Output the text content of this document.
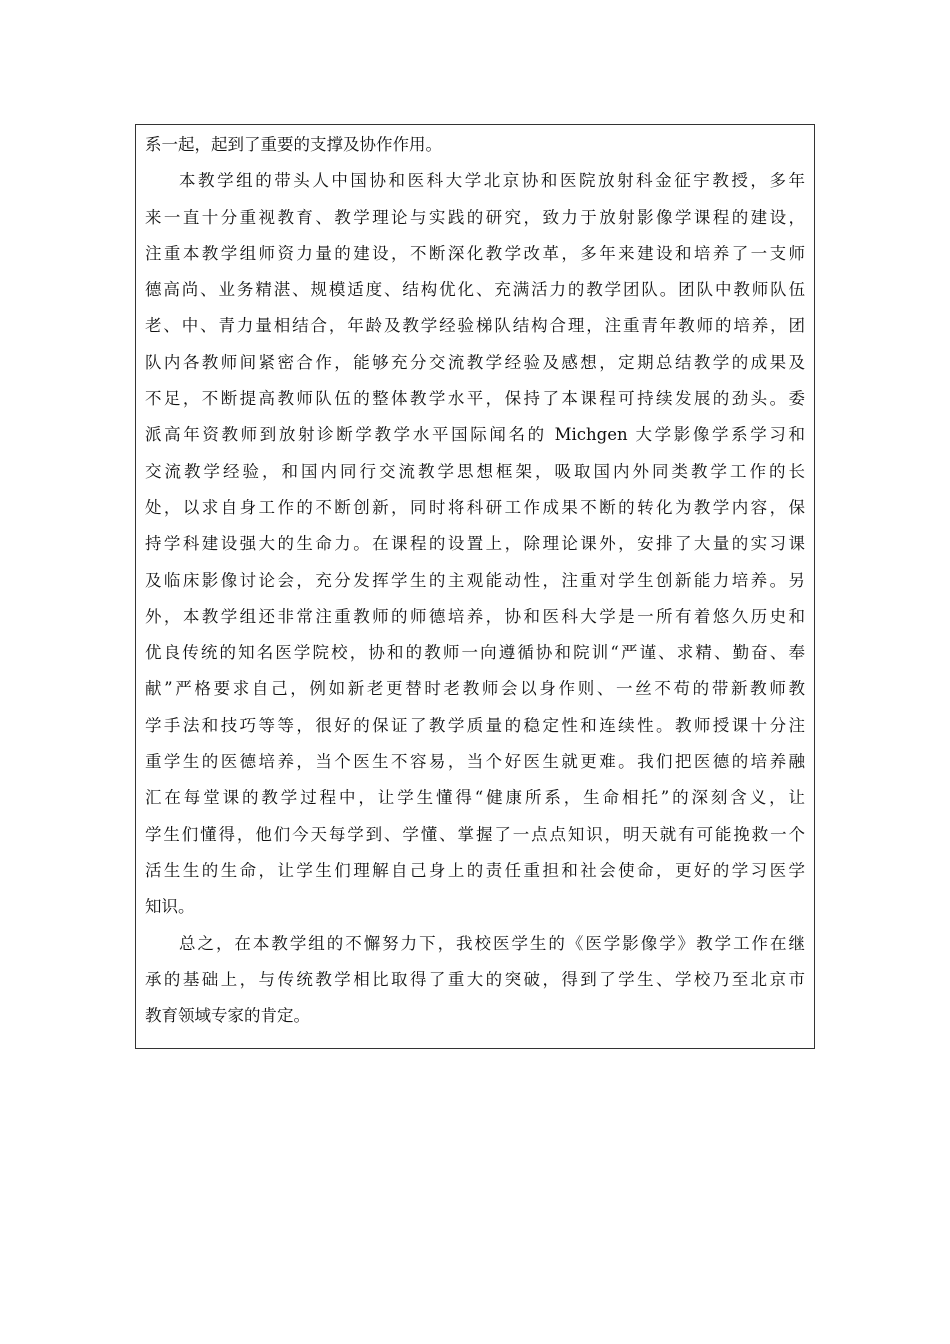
系一起，起到了重要的支撑及协作作用。
本教学组的带头人中国协和医科大学北京协和医院放射科金征宇教授，多年
来一直十分重视教育、教学理论与实践的研究，致力于放射影像学课程的建设，
注重本教学组师资力量的建设，不断深化教学改革，多年来建设和培养了一支师
德高尚、业务精湛、规模适度、结构优化、充满活力的教学团队。团队中教师队伍
老、中、青力量相结合，年龄及教学经验梯队结构合理，注重青年教师的培养，团
队内各教师间紧密合作，能够充分交流教学经验及感想，定期总结教学的成果及
不足，不断提高教师队伍的整体教学水平，保持了本课程可持续发展的劲头。委
派高年资教师到放射诊断学教学水平国际闻名的 Michgen 大学影像学系学习和
交流教学经验，和国内同行交流教学思想框架，吸取国内外同类教学工作的长
处，以求自身工作的不断创新，同时将科研工作成果不断的转化为教学内容，保
持学科建设强大的生命力。在课程的设置上，除理论课外，安排了大量的实习课
及临床影像讨论会，充分发挥学生的主观能动性，注重对学生创新能力培养。另
外，本教学组还非常注重教师的师德培养，协和医科大学是一所有着悠久历史和
优良传统的知名医学院校，协和的教师一向遵循协和院训“严谨、求精、勤奋、奉
献”严格要求自己，例如新老更替时老教师会以身作则、一丝不苟的带新教师教
学手法和技巧等等，很好的保证了教学质量的稳定性和连续性。教师授课十分注
重学生的医德培养，当个医生不容易，当个好医生就更难。我们把医德的培养融
汇在每堂课的教学过程中，让学生懂得“健康所系，生命相托”的深刻含义，让
学生们懂得，他们今天每学到、学懂、掌握了一点点知识，明天就有可能挽救一个
活生生的生命，让学生们理解自己身上的责任重担和社会使命，更好的学习医学
知识。
总之，在本教学组的不懈努力下，我校医学生的《医学影像学》教学工作在继
承的基础上，与传统教学相比取得了重大的突破，得到了学生、学校乃至北京市
教育领域专家的肯定。
